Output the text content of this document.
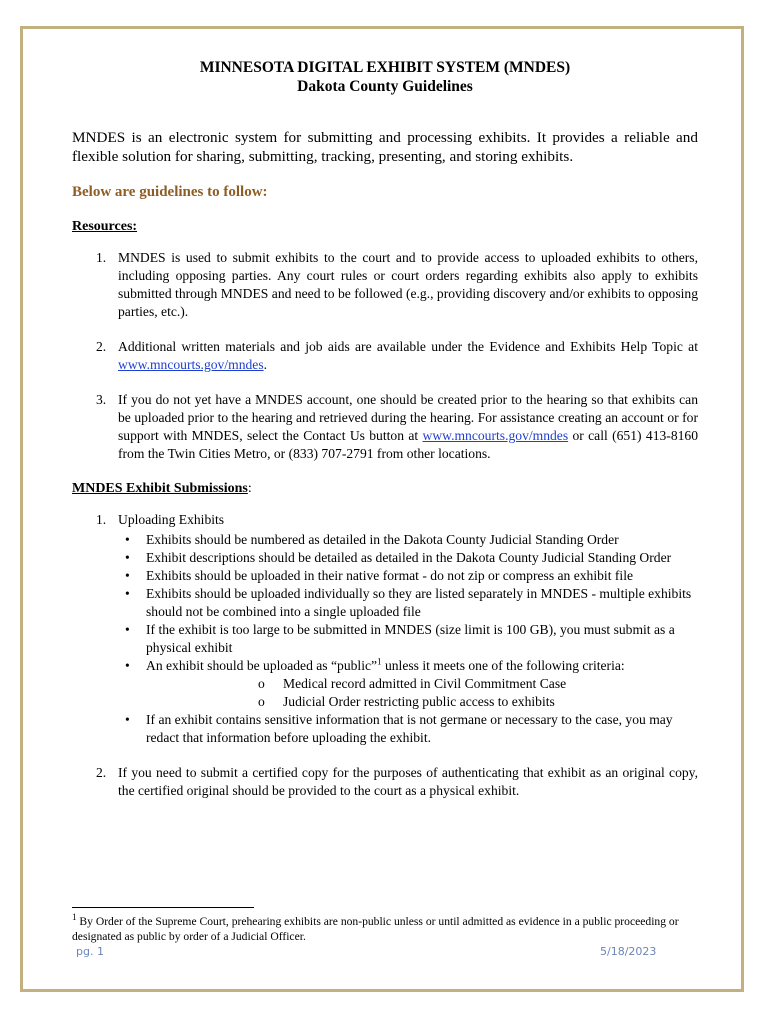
MINNESOTA DIGITAL EXHIBIT SYSTEM (MNDES)
Dakota County Guidelines

MNDES is an electronic system for submitting and processing exhibits. It provides a reliable and flexible solution for sharing, submitting, tracking, presenting, and storing exhibits.

Below are guidelines to follow:

Resources:

1. MNDES is used to submit exhibits to the court and to provide access to uploaded exhibits to others, including opposing parties. Any court rules or court orders regarding exhibits also apply to exhibits submitted through MNDES and need to be followed (e.g., providing discovery and/or exhibits to opposing parties, etc.).
2. Additional written materials and job aids are available under the Evidence and Exhibits Help Topic at www.mncourts.gov/mndes.
3. If you do not yet have a MNDES account, one should be created prior to the hearing so that exhibits can be uploaded prior to the hearing and retrieved during the hearing. For assistance creating an account or for support with MNDES, select the Contact Us button at www.mncourts.gov/mndes or call (651) 413-8160 from the Twin Cities Metro, or (833) 707-2791 from other locations.
MNDES Exhibit Submissions:
1. Uploading Exhibits
• Exhibits should be numbered as detailed in the Dakota County Judicial Standing Order
• Exhibit descriptions should be detailed as detailed in the Dakota County Judicial Standing Order
• Exhibits should be uploaded in their native format - do not zip or compress an exhibit file
• Exhibits should be uploaded individually so they are listed separately in MNDES - multiple exhibits should not be combined into a single uploaded file
• If the exhibit is too large to be submitted in MNDES (size limit is 100 GB), you must submit as a physical exhibit
• An exhibit should be uploaded as “public”$^1$ unless it meets one of the following criteria:
o Medical record admitted in Civil Commitment Case
o Judicial Order restricting public access to exhibits
• If an exhibit contains sensitive information that is not germane or necessary to the case, you may redact that information before uploading the exhibit.
2. If you need to submit a certified copy for the purposes of authenticating that exhibit as an original copy, the certified original should be provided to the court as a physical exhibit.
$^1$ By Order of the Supreme Court, prehearing exhibits are non-public unless or until admitted as evidence in a public proceeding or designated as public by order of a Judicial Officer.
pg. 1	5/18/2023
